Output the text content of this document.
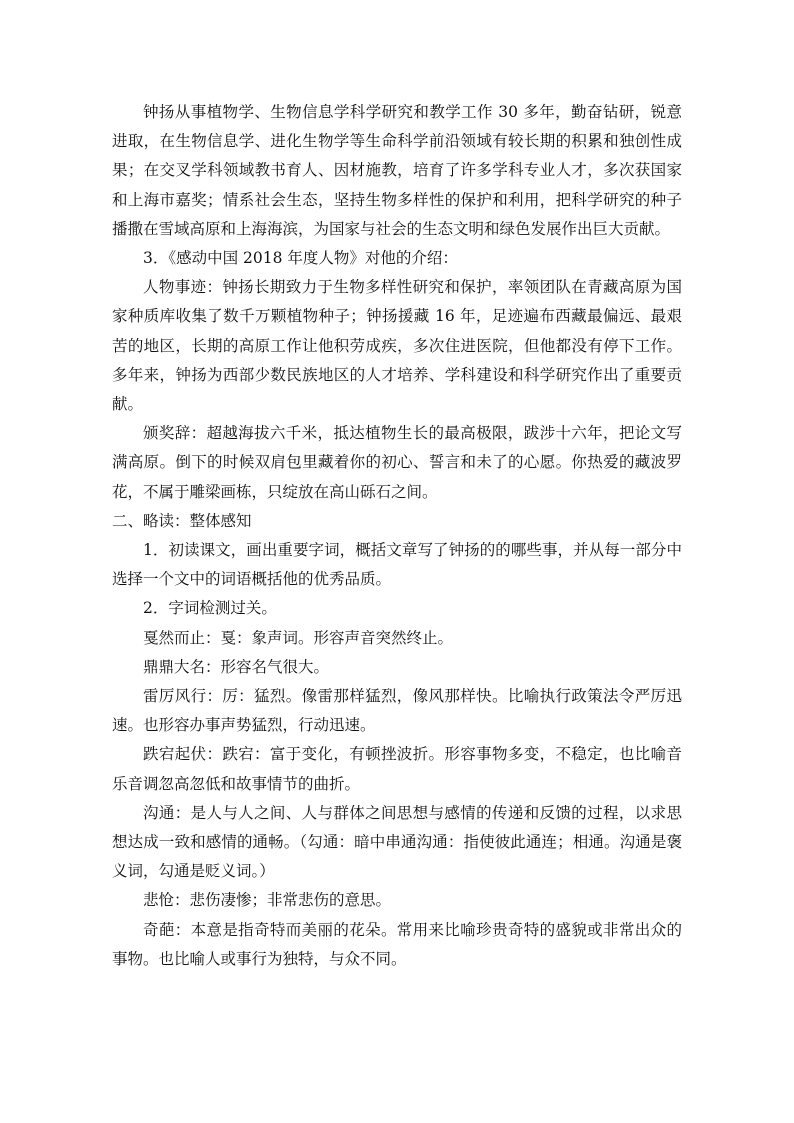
钟扬从事植物学、生物信息学科学研究和教学工作 30 多年，勤奋钻研，锐意进取，在生物信息学、进化生物学等生命科学前沿领域有较长期的积累和独创性成果；在交叉学科领域教书育人、因材施教，培育了许多学科专业人才，多次获国家和上海市嘉奖；情系社会生态，坚持生物多样性的保护和利用，把科学研究的种子播撒在雪域高原和上海海滨，为国家与社会的生态文明和绿色发展作出巨大贡献。

3．《感动中国 2018 年度人物》对他的介绍：

人物事迹：钟扬长期致力于生物多样性研究和保护，率领团队在青藏高原为国家种质库收集了数千万颗植物种子；钟扬援藏 16 年，足迹遍布西藏最偏远、最艰苦的地区，长期的高原工作让他积劳成疾，多次住进医院，但他都没有停下工作。多年来，钟扬为西部少数民族地区的人才培养、学科建设和科学研究作出了重要贡献。

颁奖辞：超越海拔六千米，抵达植物生长的最高极限，跋涉十六年，把论文写满高原。倒下的时候双肩包里藏着你的初心、誓言和未了的心愿。你热爱的藏波罗花，不属于雕梁画栋，只绽放在高山砾石之间。

二、略读：整体感知

1．初读课文，画出重要字词，概括文章写了钟扬的的哪些事，并从每一部分中选择一个文中的词语概括他的优秀品质。

2．字词检测过关。

戛然而止：戛：象声词。形容声音突然终止。

鼎鼎大名：形容名气很大。

雷厉风行：厉：猛烈。像雷那样猛烈，像风那样快。比喻执行政策法令严厉迅速。也形容办事声势猛烈，行动迅速。

跌宕起伏：跌宕：富于变化，有顿挫波折。形容事物多变，不稳定，也比喻音乐音调忽高忽低和故事情节的曲折。

沟通：是人与人之间、人与群体之间思想与感情的传递和反馈的过程，以求思想达成一致和感情的通畅。（勾通：暗中串通沟通：指使彼此通连；相通。沟通是褒义词，勾通是贬义词。）

悲怆：悲伤凄惨；非常悲伤的意思。

奇葩：本意是指奇特而美丽的花朵。常用来比喻珍贵奇特的盛貌或非常出众的事物。也比喻人或事行为独特，与众不同。
